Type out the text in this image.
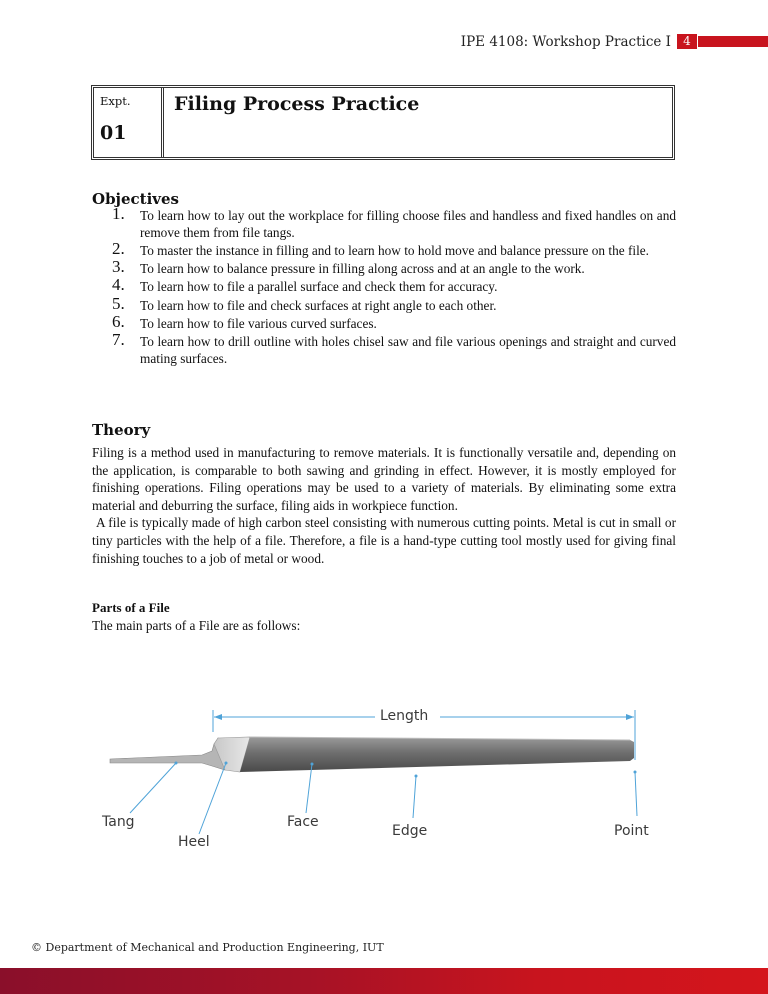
IPE 4108: Workshop Practice I	4
Expt.
01
Filing Process Practice
Objectives
1. To learn how to lay out the workplace for filling choose files and handless and fixed handles on and remove them from file tangs.
2. To master the instance in filling and to learn how to hold move and balance pressure on the file.
3. To learn how to balance pressure in filling along across and at an angle to the work.
4. To learn how to file a parallel surface and check them for accuracy.
5. To learn how to file and check surfaces at right angle to each other.
6. To learn how to file various curved surfaces.
7. To learn how to drill outline with holes chisel saw and file various openings and straight and curved mating surfaces.
Theory
Filing is a method used in manufacturing to remove materials. It is functionally versatile and, depending on the application, is comparable to both sawing and grinding in effect. However, it is mostly employed for finishing operations. Filing operations may be used to a variety of materials. By eliminating some extra material and deburring the surface, filing aids in workpiece function.
A file is typically made of high carbon steel consisting with numerous cutting points. Metal is cut in small or tiny particles with the help of a file. Therefore, a file is a hand-type cutting tool mostly used for giving final finishing touches to a job of metal or wood.
Parts of a File
The main parts of a File are as follows:
Length
Tang
Heel
Face
Edge	Point
© Department of Mechanical and Production Engineering, IUT
